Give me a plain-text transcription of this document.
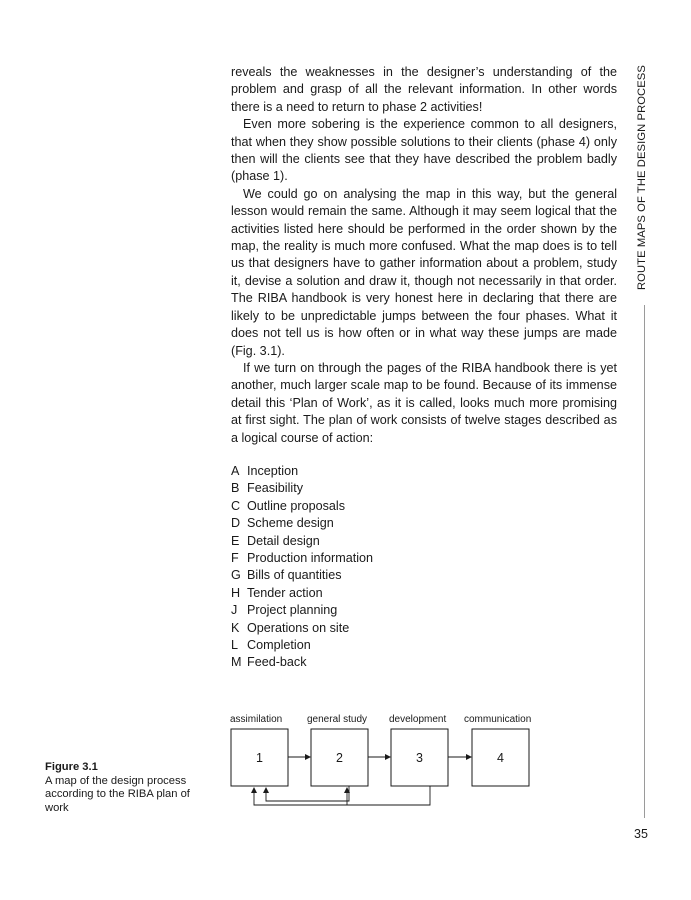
reveals the weaknesses in the designer’s understanding of the problem and grasp of all the relevant information. In other words there is a need to return to phase 2 activities!

Even more sobering is the experience common to all designers, that when they show possible solutions to their clients (phase 4) only then will the clients see that they have described the problem badly (phase 1).

We could go on analysing the map in this way, but the general lesson would remain the same. Although it may seem logical that the activities listed here should be performed in the order shown by the map, the reality is much more confused. What the map does is to tell us that designers have to gather information about a problem, study it, devise a solution and draw it, though not necessarily in that order. The RIBA handbook is very honest here in declaring that there are likely to be unpredictable jumps between the four phases. What it does not tell us is how often or in what way these jumps are made (Fig. 3.1).

If we turn on through the pages of the RIBA handbook there is yet another, much larger scale map to be found. Because of its immense detail this ‘Plan of Work’, as it is called, looks much more promising at first sight. The plan of work consists of twelve stages described as a logical course of action:

A Inception
B Feasibility
C Outline proposals
D Scheme design
E Detail design
F Production information
G Bills of quantities
H Tender action
J Project planning
K Operations on site
L Completion
M Feed-back
ROUTE MAPS OF THE DESIGN PROCESS
35
Figure 3.1
A map of the design process according to the RIBA plan of work
assimilation general study development communication
1	2	3	4
